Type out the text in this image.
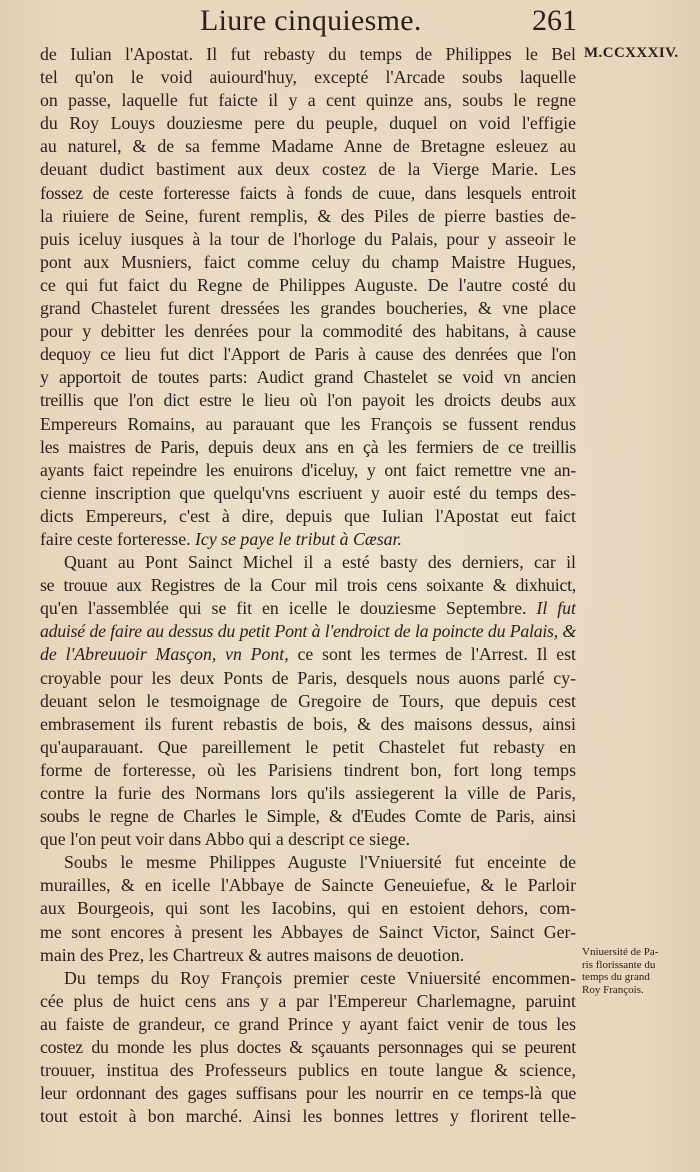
Liure cinquiesme.	261
M.CCXXXIV.
de Iulian l'Apostat. Il fut rebasty du temps de Philippes le Bel
tel qu'on le void auiourd'huy, excepté l'Arcade soubs laquelle
on passe, laquelle fut faicte il y a cent quinze ans, soubs le regne
du Roy Louys douziesme pere du peuple, duquel on void l'effigie
au naturel, & de sa femme Madame Anne de Bretagne esleuez au
deuant dudict bastiment aux deux costez de la Vierge Marie. Les
fossez de ceste forteresse faicts à fonds de cuue, dans lesquels entroit
la riuiere de Seine, furent remplis, & des Piles de pierre basties de-
puis iceluy iusques à la tour de l'horloge du Palais, pour y asseoir le
pont aux Musniers, faict comme celuy du champ Maistre Hugues,
ce qui fut faict du Regne de Philippes Auguste. De l'autre costé du
grand Chastelet furent dressées les grandes boucheries, & vne place
pour y debitter les denrées pour la commodité des habitans, à cause
dequoy ce lieu fut dict l'Apport de Paris à cause des denrées que l'on
y apportoit de toutes parts: Audict grand Chastelet se void vn ancien
treillis que l'on dict estre le lieu où l'on payoit les droicts deubs aux
Empereurs Romains, au parauant que les François se fussent rendus
les maistres de Paris, depuis deux ans en çà les fermiers de ce treillis
ayants faict repeindre les enuirons d'iceluy, y ont faict remettre vne an-
cienne inscription que quelqu'vns escriuent y auoir esté du temps des-
dicts Empereurs, c'est à dire, depuis que Iulian l'Apostat eut faict
faire ceste forteresse. Icy se paye le tribut à Cæsar.
Quant au Pont Sainct Michel il a esté basty des derniers, car il
se trouue aux Registres de la Cour mil trois cens soixante & dixhuict,
qu'en l'assemblée qui se fit en icelle le douziesme Septembre. Il fut
aduisé de faire au dessus du petit Pont à l'endroict de la poincte du Palais, &
de l'Abreuuoir Masçon, vn Pont, ce sont les termes de l'Arrest. Il est
croyable pour les deux Ponts de Paris, desquels nous auons parlé cy-
deuant selon le tesmoignage de Gregoire de Tours, que depuis cest
embrasement ils furent rebastis de bois, & des maisons dessus, ainsi
qu'auparauant. Que pareillement le petit Chastelet fut rebasty en
forme de forteresse, où les Parisiens tindrent bon, fort long temps
contre la furie des Normans lors qu'ils assiegerent la ville de Paris,
soubs le regne de Charles le Simple, & d'Eudes Comte de Paris, ainsi
que l'on peut voir dans Abbo qui a descript ce siege.
Soubs le mesme Philippes Auguste l'Vniuersité fut enceinte de
murailles, & en icelle l'Abbaye de Saincte Geneuiefue, & le Parloir
aux Bourgeois, qui sont les Iacobins, qui en estoient dehors, com-
me sont encores à present les Abbayes de Sainct Victor, Sainct Ger-
main des Prez, les Chartreux & autres maisons de deuotion.
Du temps du Roy François premier ceste Vniuersité encommen-
cée plus de huict cens ans y a par l'Empereur Charlemagne, paruint
au faiste de grandeur, ce grand Prince y ayant faict venir de tous les
costez du monde les plus doctes & sçauants personnages qui se peurent
trouuer, institua des Professeurs publics en toute langue & science,
leur ordonnant des gages suffisans pour les nourrir en ce temps-là que
tout estoit à bon marché. Ainsi les bonnes lettres y florirent telle-
Vniuersité de Pa-
ris florissante du
temps du grand
Roy François.
